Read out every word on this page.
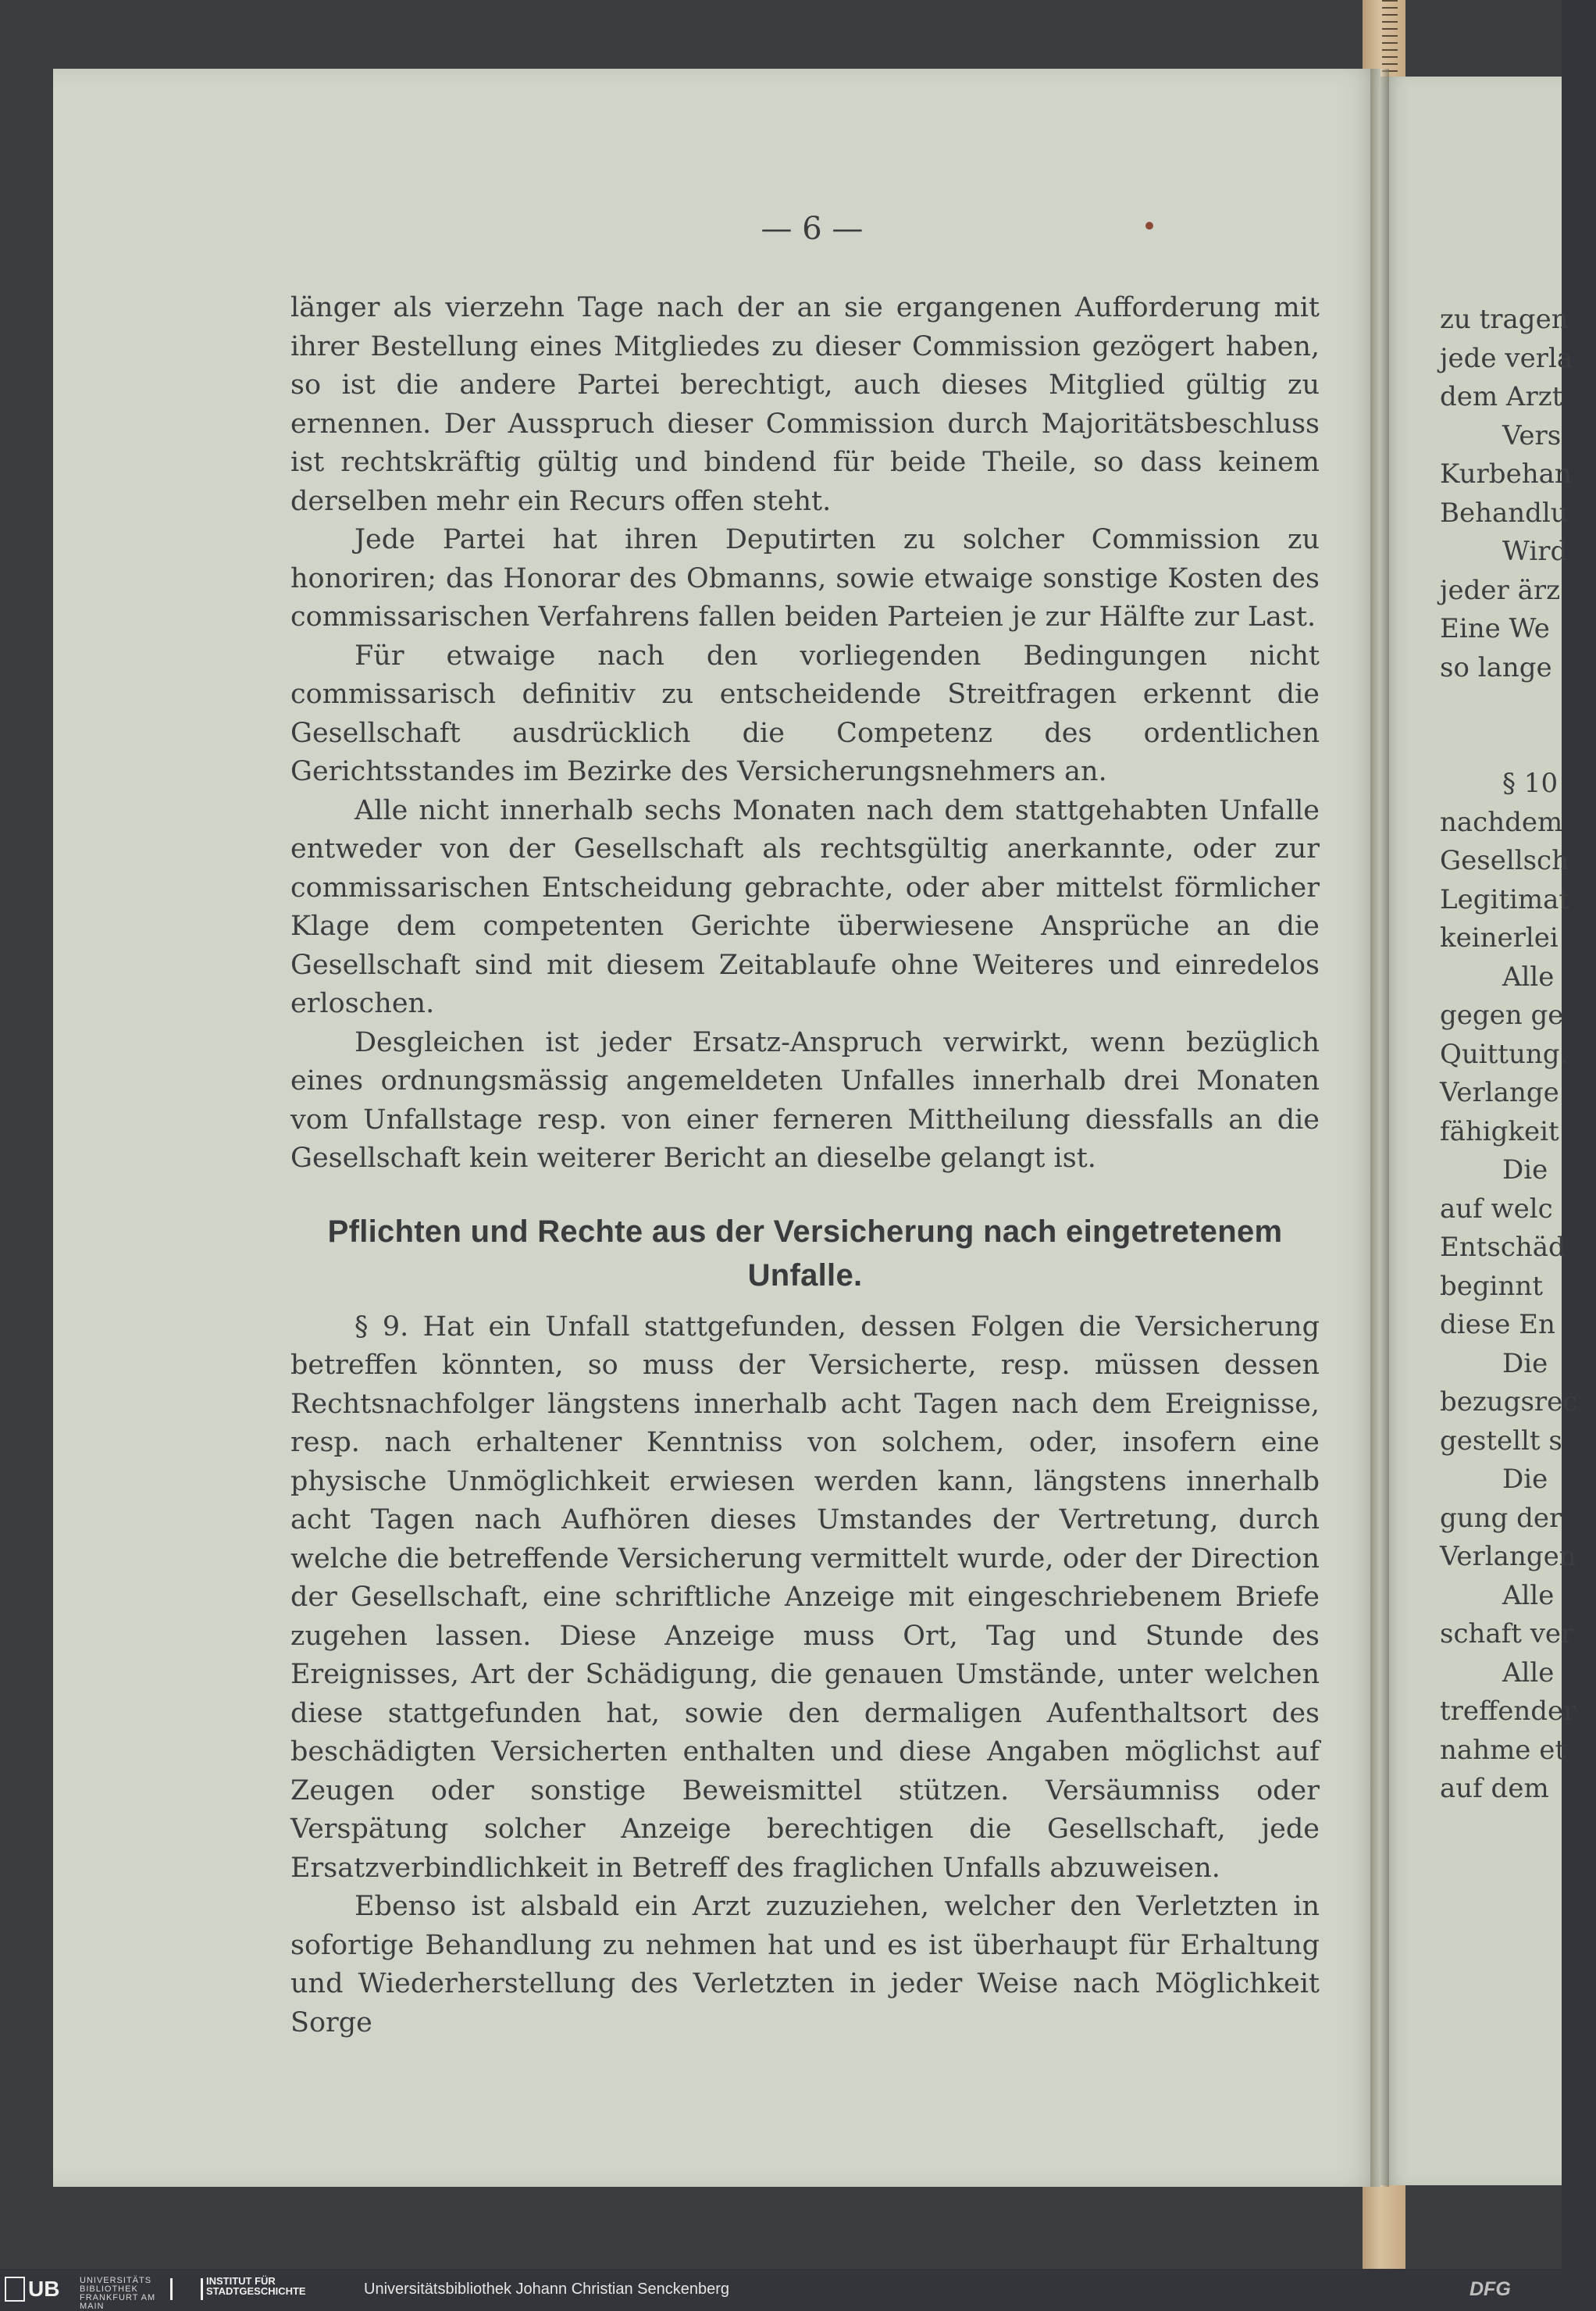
— 6 —

länger als vierzehn Tage nach der an sie ergangenen Aufforderung mit ihrer Bestellung eines Mitgliedes zu dieser Commission gezögert haben, so ist die andere Partei berechtigt, auch dieses Mitglied gültig zu ernennen. Der Ausspruch dieser Commission durch Majoritätsbeschluss ist rechtskräftig gültig und bindend für beide Theile, so dass keinem derselben mehr ein Recurs offen steht.

Jede Partei hat ihren Deputirten zu solcher Commission zu honoriren; das Honorar des Obmanns, sowie etwaige sonstige Kosten des commissarischen Verfahrens fallen beiden Parteien je zur Hälfte zur Last.

Für etwaige nach den vorliegenden Bedingungen nicht commissarisch definitiv zu entscheidende Streitfragen erkennt die Gesellschaft ausdrücklich die Competenz des ordentlichen Gerichtsstandes im Bezirke des Versicherungsnehmers an.

Alle nicht innerhalb sechs Monaten nach dem stattgehabten Unfalle entweder von der Gesellschaft als rechtsgültig anerkannte, oder zur commissarischen Entscheidung gebrachte, oder aber mittelst förmlicher Klage dem competenten Gerichte überwiesene Ansprüche an die Gesellschaft sind mit diesem Zeitablaufe ohne Weiteres und einredelos erloschen.

Desgleichen ist jeder Ersatz-Anspruch verwirkt, wenn bezüglich eines ordnungsmässig angemeldeten Unfalles innerhalb drei Monaten vom Unfallstage resp. von einer ferneren Mittheilung diessfalls an die Gesellschaft kein weiterer Bericht an dieselbe gelangt ist.

Pflichten und Rechte aus der Versicherung nach eingetretenem Unfalle.

§ 9. Hat ein Unfall stattgefunden, dessen Folgen die Versicherung betreffen könnten, so muss der Versicherte, resp. müssen dessen Rechtsnachfolger längstens innerhalb acht Tagen nach dem Ereignisse, resp. nach erhaltener Kenntniss von solchem, oder, insofern eine physische Unmöglichkeit erwiesen werden kann, längstens innerhalb acht Tagen nach Aufhören dieses Umstandes der Vertretung, durch welche die betreffende Versicherung vermittelt wurde, oder der Direction der Gesellschaft, eine schriftliche Anzeige mit eingeschriebenem Briefe zugehen lassen. Diese Anzeige muss Ort, Tag und Stunde des Ereignisses, Art der Schädigung, die genauen Umstände, unter welchen diese stattgefunden hat, sowie den dermaligen Aufenthaltsort des beschädigten Versicherten enthalten und diese Angaben möglichst auf Zeugen oder sonstige Beweismittel stützen. Versäumniss oder Verspätung solcher Anzeige berechtigen die Gesellschaft, jede Ersatzverbindlichkeit in Betreff des fraglichen Unfalls abzuweisen.

Ebenso ist alsbald ein Arzt zuzuziehen, welcher den Verletzten in sofortige Behandlung zu nehmen hat und es ist überhaupt für Erhaltung und Wiederherstellung des Verletzten in jeder Weise nach Möglichkeit Sorge

zu tragen
jede verla
dem Arzt
Vers
Kurbehan
Behandlu
Wird
jeder ärz
Eine We
so lange
§ 10
nachdem
Gesellsch
Legitimat
keinerlei
Alle
gegen ge
Quittung.
Verlange
fähigkeit
Die
auf welc
Entschäd
beginnt
diese En
Die
bezugsrec
gestellt s
Die
gung der
Verlangen
Alle
schaft ver
Alle
treffender
nahme et
auf dem
UB UNIVERSITÄTS BIBLIOTHEK FRANKFURT AM MAIN
INSTITUT FÜR STADTGESCHICHTE	Universitätsbibliothek Johann Christian Senckenberg	DFG
